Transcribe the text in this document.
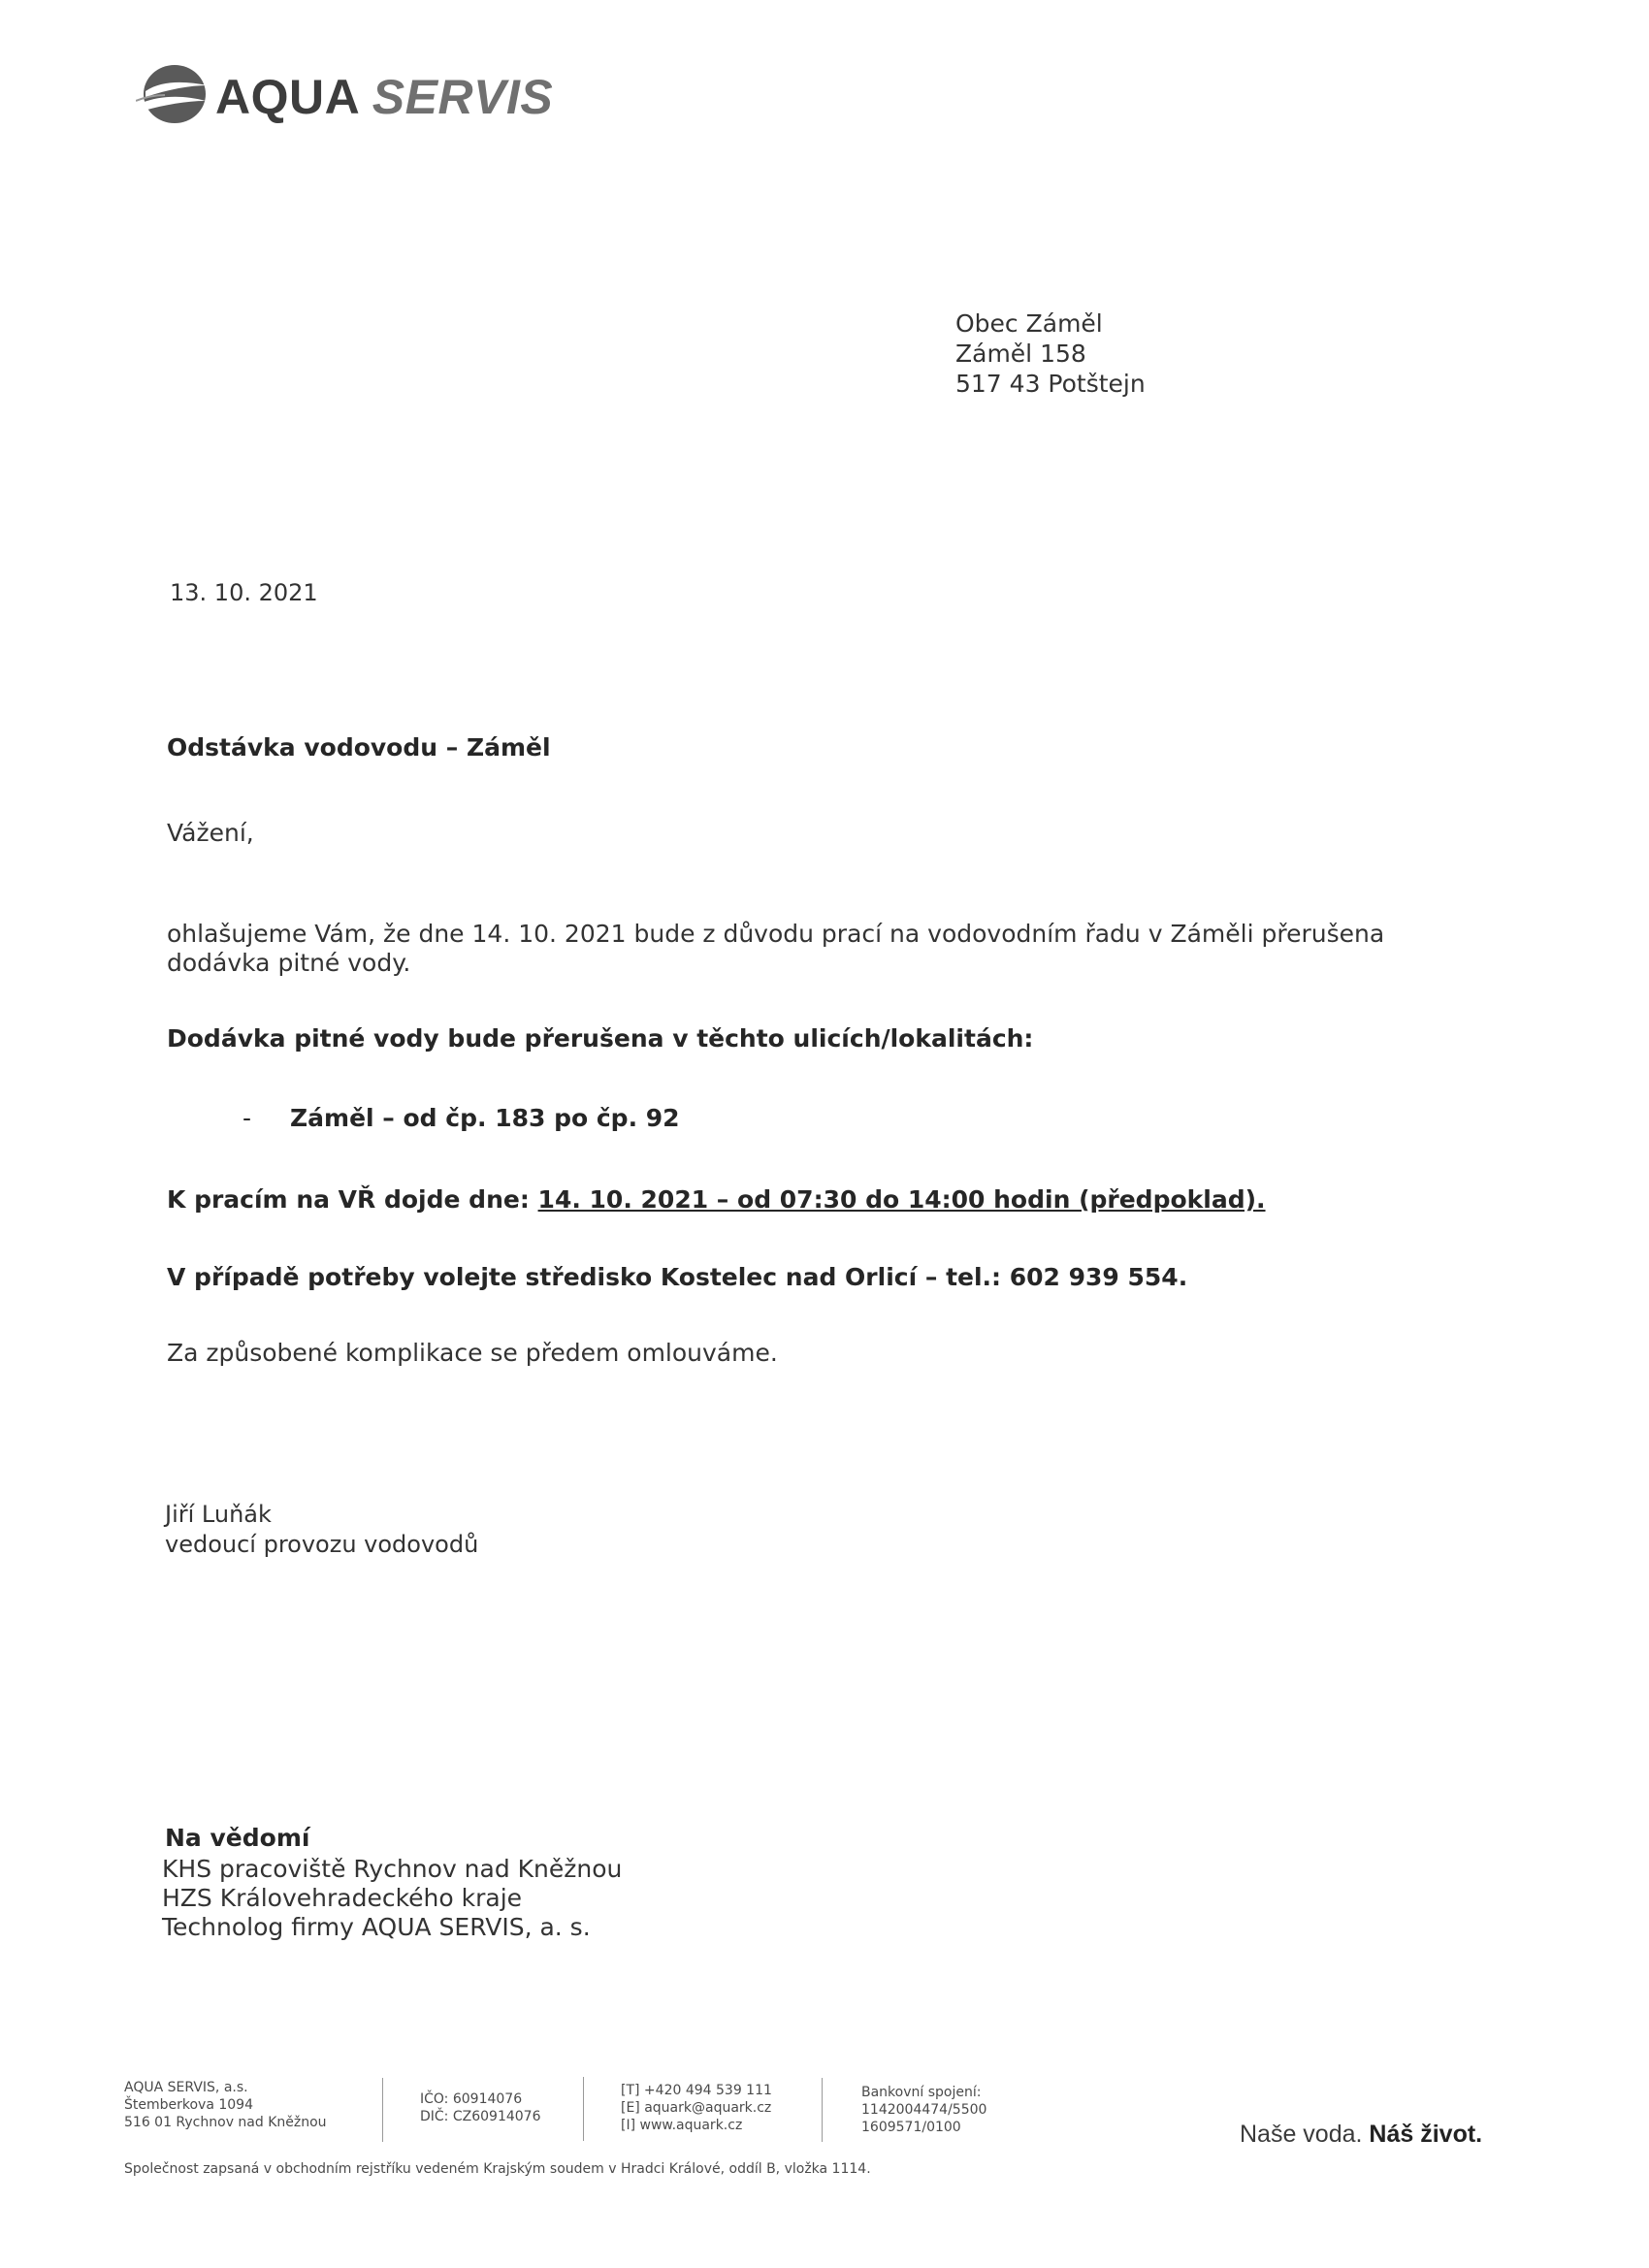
AQUA SERVIS
Obec Záměl
Záměl 158
517 43 Potštejn
13. 10. 2021
Odstávka vodovodu – Záměl
Vážení,
ohlašujeme Vám, že dne 14. 10. 2021 bude z důvodu prací na vodovodním řadu v Záměli přerušena
dodávka pitné vody.
Dodávka pitné vody bude přerušena v těchto ulicích/lokalitách:
- Záměl – od čp. 183 po čp. 92
K pracím na VŘ dojde dne: 14. 10. 2021 – od 07:30 do 14:00 hodin (předpoklad).
V případě potřeby volejte středisko Kostelec nad Orlicí – tel.: 602 939 554.
Za způsobené komplikace se předem omlouváme.
Jiří Luňák
vedoucí provozu vodovodů
Na vědomí
KHS pracoviště Rychnov nad Kněžnou
HZS Královehradeckého kraje
Technolog firmy AQUA SERVIS, a. s.
AQUA SERVIS, a.s.
Štemberkova 1094
516 01 Rychnov nad Kněžnou
IČO: 60914076
DIČ: CZ60914076
[T] +420 494 539 111
[E] aquark@aquark.cz
[I] www.aquark.cz
Bankovní spojení:
1142004474/5500
1609571/0100	Naše voda. Náš život.
Společnost zapsaná v obchodním rejstříku vedeném Krajským soudem v Hradci Králové, oddíl B, vložka 1114.
